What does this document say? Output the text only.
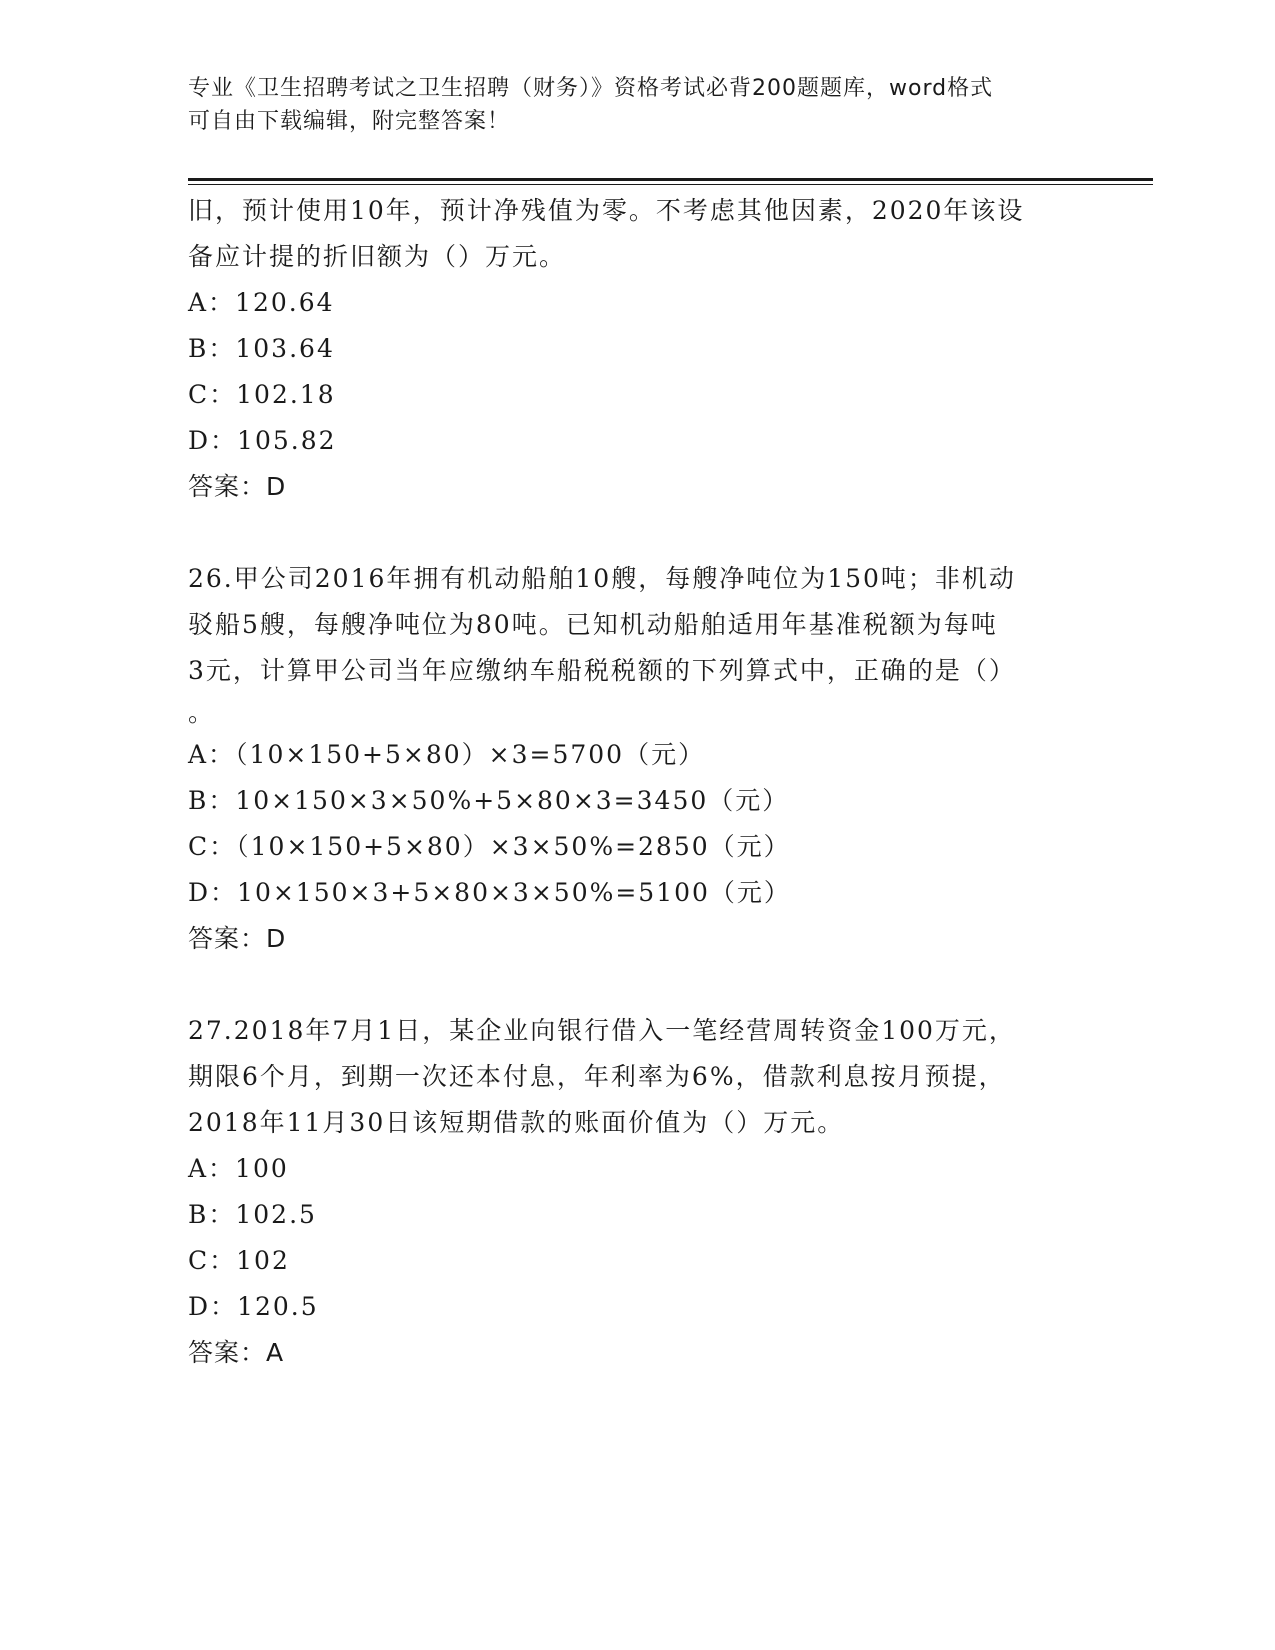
专业《卫生招聘考试之卫生招聘（财务）》资格考试必背200题题库，word格式
可自由下载编辑，附完整答案！

旧，预计使用10年，预计净残值为零。不考虑其他因素，2020年该设

备应计提的折旧额为（）万元。

A：120.64

B：103.64

C：102.18

D：105.82

答案：D

26.甲公司2016年拥有机动船舶10艘，每艘净吨位为150吨；非机动

驳船5艘，每艘净吨位为80吨。已知机动船舶适用年基准税额为每吨

3元，计算甲公司当年应缴纳车船税税额的下列算式中，正确的是（）

。

A：（10×150+5×80）×3=5700（元）

B：10×150×3×50%+5×80×3=3450（元）

C：（10×150+5×80）×3×50%=2850（元）

D：10×150×3+5×80×3×50%=5100（元）

答案：D

27.2018年7月1日，某企业向银行借入一笔经营周转资金100万元，

期限6个月，到期一次还本付息，年利率为6%，借款利息按月预提，

2018年11月30日该短期借款的账面价值为（）万元。

A：100

B：102.5

C：102

D：120.5

答案：A
